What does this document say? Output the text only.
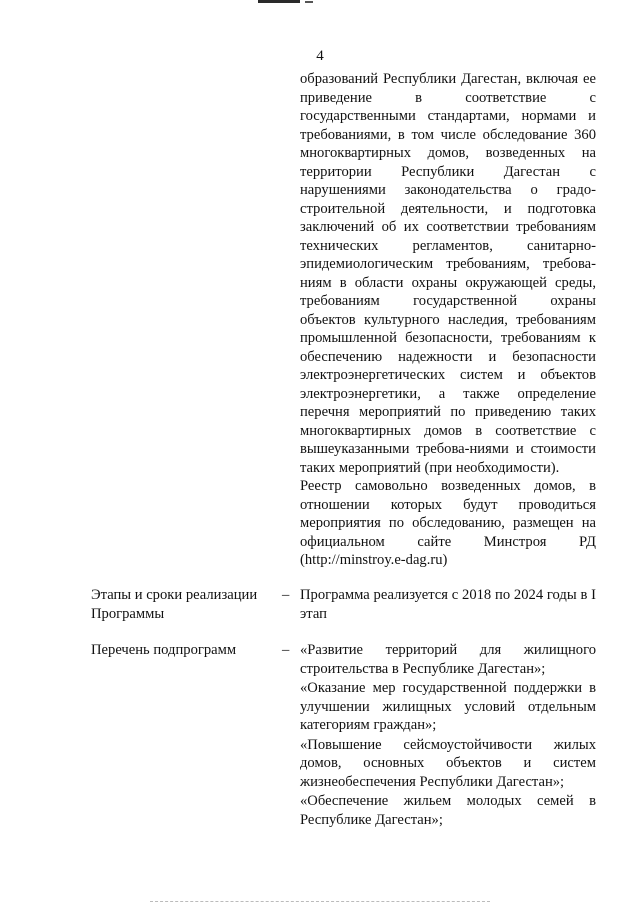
4

образований Республики Дагестан, включая ее приведение в соответствие с государственными стандартами, нормами и требованиями, в том числе обследование 360 многоквартирных домов, возведенных на территории Республики Дагестан с нарушениями законодательства о градо-строительной деятельности, и подготовка заключений об их соответствии требованиям технических регламентов, санитарно-эпидемиологическим требованиям, требова-ниям в области охраны окружающей среды, требованиям государственной охраны объектов культурного наследия, требованиям промышленной безопасности, требованиям к обеспечению надежности и безопасности электроэнергетических систем и объектов электроэнергетики, а также определение перечня мероприятий по приведению таких многоквартирных домов в соответствие с вышеуказанными требова-ниями и стоимости таких мероприятий (при необходимости).

Реестр самовольно возведенных домов, в отношении которых будут проводиться мероприятия по обследованию, размещен на официальном сайте Минстроя РД (http://minstroy.e-dag.ru)

Этапы и сроки реализации Программы
– Программа реализуется с 2018 по 2024 годы в I этап

Перечень подпрограмм	– «Развитие территорий для жилищного строительства в Республике Дагестан»;

«Оказание мер государственной поддержки в улучшении жилищных условий отдельным категориям граждан»;

«Повышение сейсмоустойчивости жилых домов, основных объектов и систем жизнеобеспечения Республики Дагестан»;

«Обеспечение жильем молодых семей в Республике Дагестан»;
